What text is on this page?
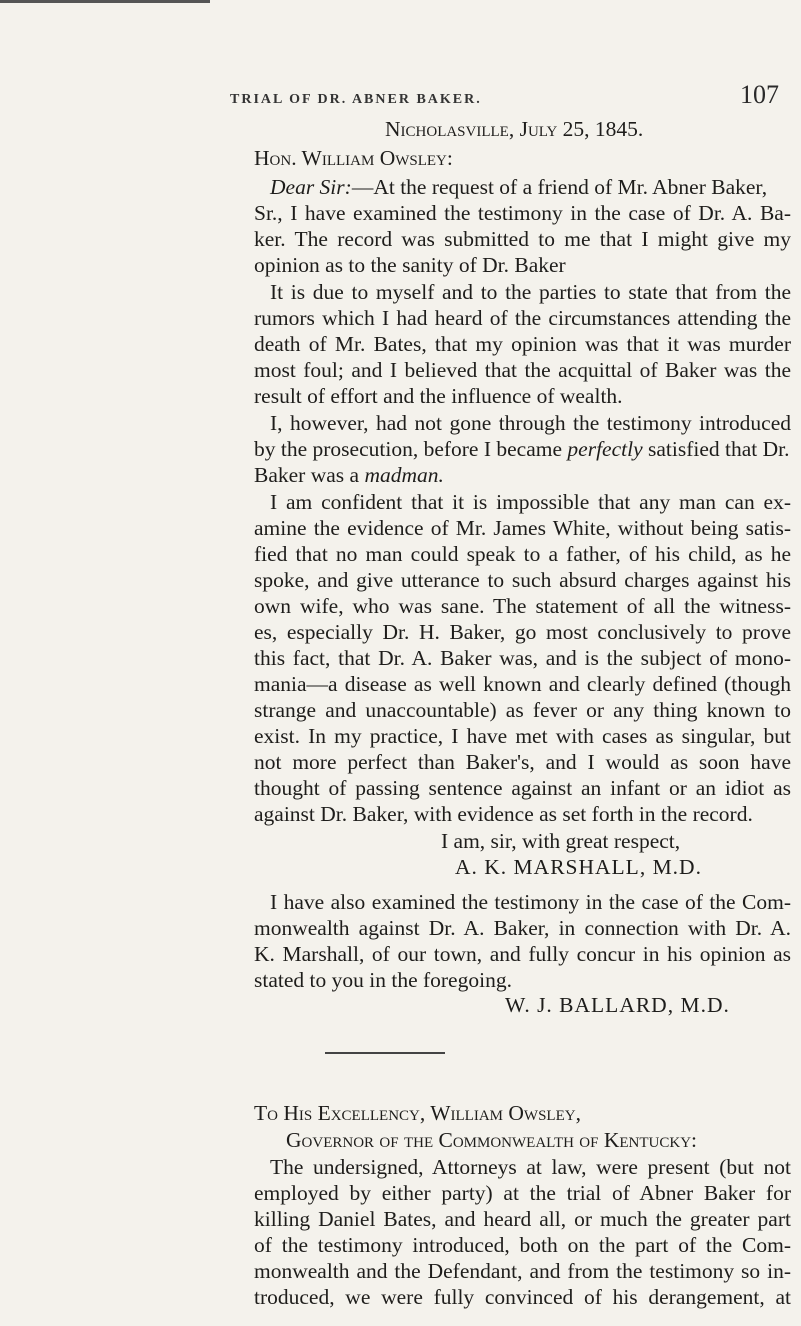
TRIAL OF DR. ABNER BAKER.	107
Nicholasville, July 25, 1845.
Hon. William Owsley:
Dear Sir:—At the request of a friend of Mr. Abner Baker,
Sr., I have examined the testimony in the case of Dr. A. Ba-
ker. The record was submitted to me that I might give my
opinion as to the sanity of Dr. Baker
It is due to myself and to the parties to state that from the
rumors which I had heard of the circumstances attending the
death of Mr. Bates, that my opinion was that it was murder
most foul; and I believed that the acquittal of Baker was the
result of effort and the influence of wealth.
I, however, had not gone through the testimony introduced
by the prosecution, before I became perfectly satisfied that Dr.
Baker was a madman.
I am confident that it is impossible that any man can ex-
amine the evidence of Mr. James White, without being satis-
fied that no man could speak to a father, of his child, as he
spoke, and give utterance to such absurd charges against his
own wife, who was sane. The statement of all the witness-
es, especially Dr. H. Baker, go most conclusively to prove
this fact, that Dr. A. Baker was, and is the subject of mono-
mania—a disease as well known and clearly defined (though
strange and unaccountable) as fever or any thing known to
exist. In my practice, I have met with cases as singular, but
not more perfect than Baker's, and I would as soon have
thought of passing sentence against an infant or an idiot as
against Dr. Baker, with evidence as set forth in the record.
I am, sir, with great respect,
A. K. MARSHALL, M.D.
I have also examined the testimony in the case of the Com-
monwealth against Dr. A. Baker, in connection with Dr. A.
K. Marshall, of our town, and fully concur in his opinion as
stated to you in the foregoing.
W. J. BALLARD, M.D.
To His Excellency, William Owsley,
Governor of the Commonwealth of Kentucky:
The undersigned, Attorneys at law, were present (but not
employed by either party) at the trial of Abner Baker for
killing Daniel Bates, and heard all, or much the greater part
of the testimony introduced, both on the part of the Com-
monwealth and the Defendant, and from the testimony so in-
troduced, we were fully convinced of his derangement, at
